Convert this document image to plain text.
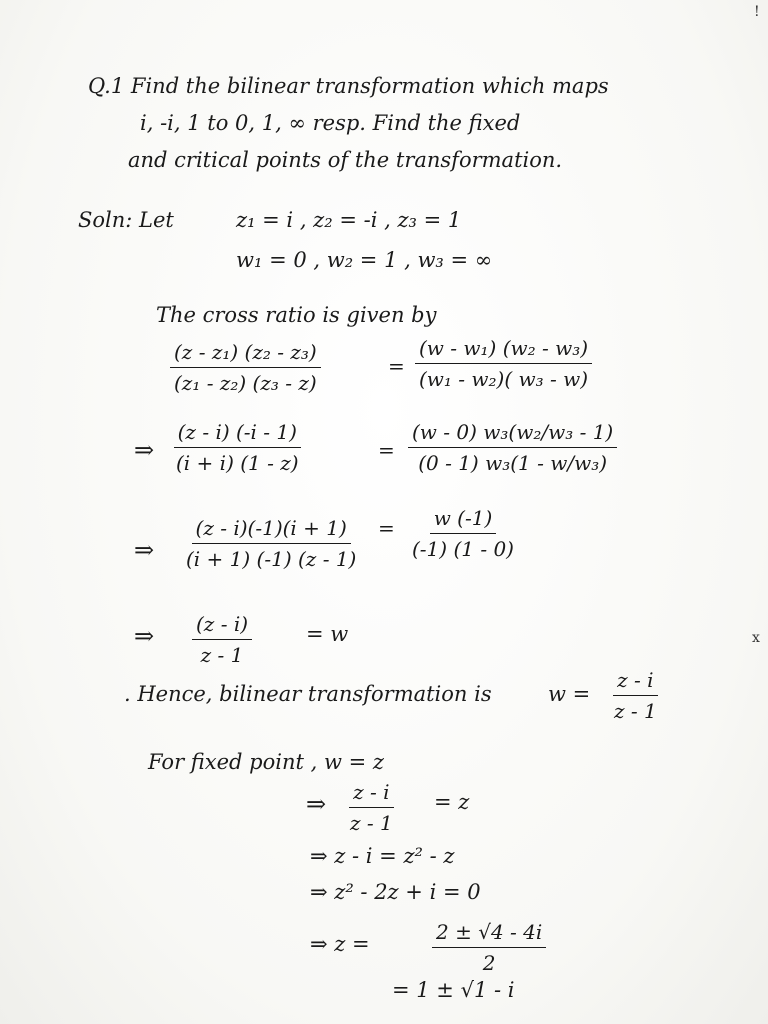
Q.1 Find the bilinear transformation which maps
i, -i, 1 to 0, 1, ∞ resp. Find the fixed
and critical points of the transformation.
Soln: Let	z₁ = i , z₂ = -i , z₃ = 1
w₁ = 0 , w₂ = 1 , w₃ = ∞
The cross ratio is given by
$\frac{\text{(z - z₁) (z₂ - z₃)}}{\text{(z₁ - z₂) (z₃ - z)}}$	= $\frac{\text{(w - w₁) (w₂ - w₃)}}{\text{(w₁ - w₂)( w₃ - w)}}$
⇒ $\frac{(z - i) (-i - 1)}{(i + i) (1 - z)}$	= $\frac{\text{(w - 0) w₃(w₂/w₃ - 1)}}{\text{(0 - 1) w₃(1 - w/w₃)}}$
⇒ $\frac{(z - i)(-1)(i + 1)}{(i + 1) (-1) (z - 1)} = \frac{w (-1)}{(-1) (1 - 0)}$
⇒ $\frac{(z - i)}{z - 1}$	= w
. Hence, bilinear transformation is	$w = \frac{z - i}{z - 1}$
For fixed point , w = z
⇒ $\frac{z - i}{z - 1} = z$
⇒ z - i = z² - z
⇒ z² - 2z + i = 0
⇒ z =	$\frac{2 \pm √4 - 4i}{2}$
= 1 ± √1 - i
!
x
